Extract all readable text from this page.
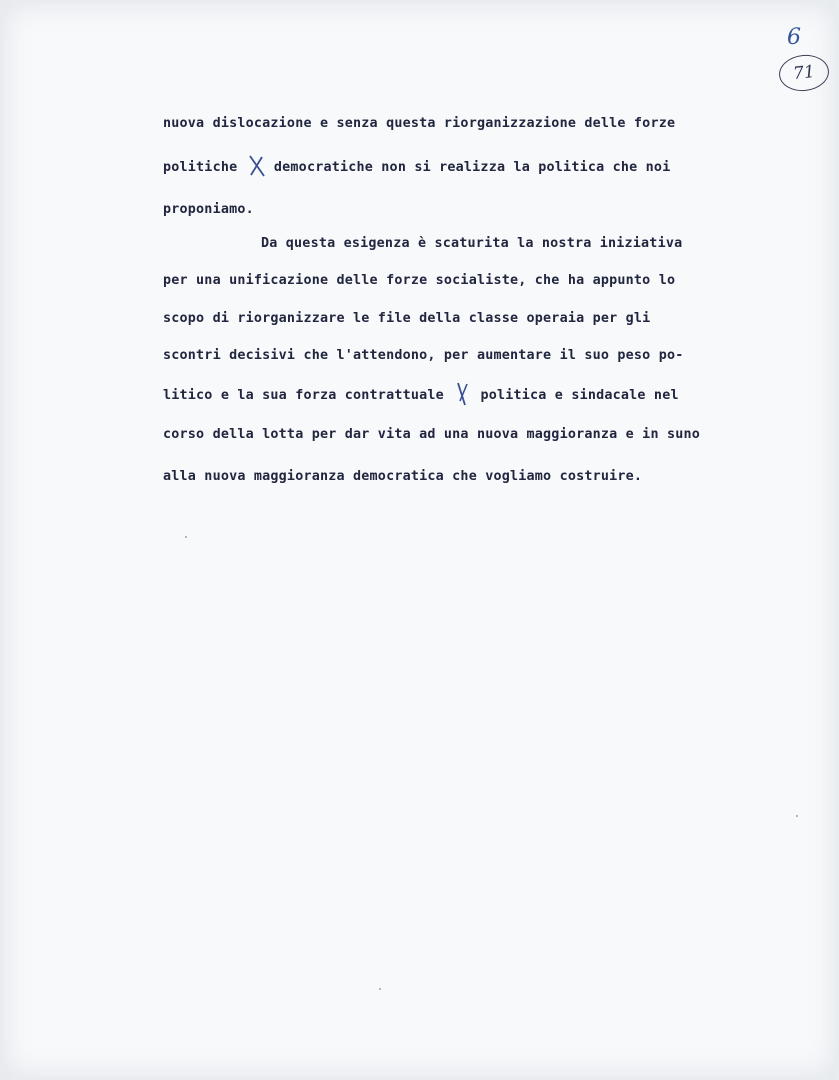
6
71
nuova dislocazione e senza questa riorganizzazione delle forze
politiche	democratiche non si realizza la politica che noi
proponiamo.
Da questa esigenza è scaturita la nostra iniziativa
per una unificazione delle forze socialiste, che ha appunto lo
scopo di riorganizzare le file della classe operaia per gli
scontri decisivi che l'attendono, per aumentare il suo peso po-
litico e la sua forza contrattuale	politica e sindacale nel
corso della lotta per dar vita ad una nuova maggioranza e in suno
alla nuova maggioranza democratica che vogliamo costruire.
